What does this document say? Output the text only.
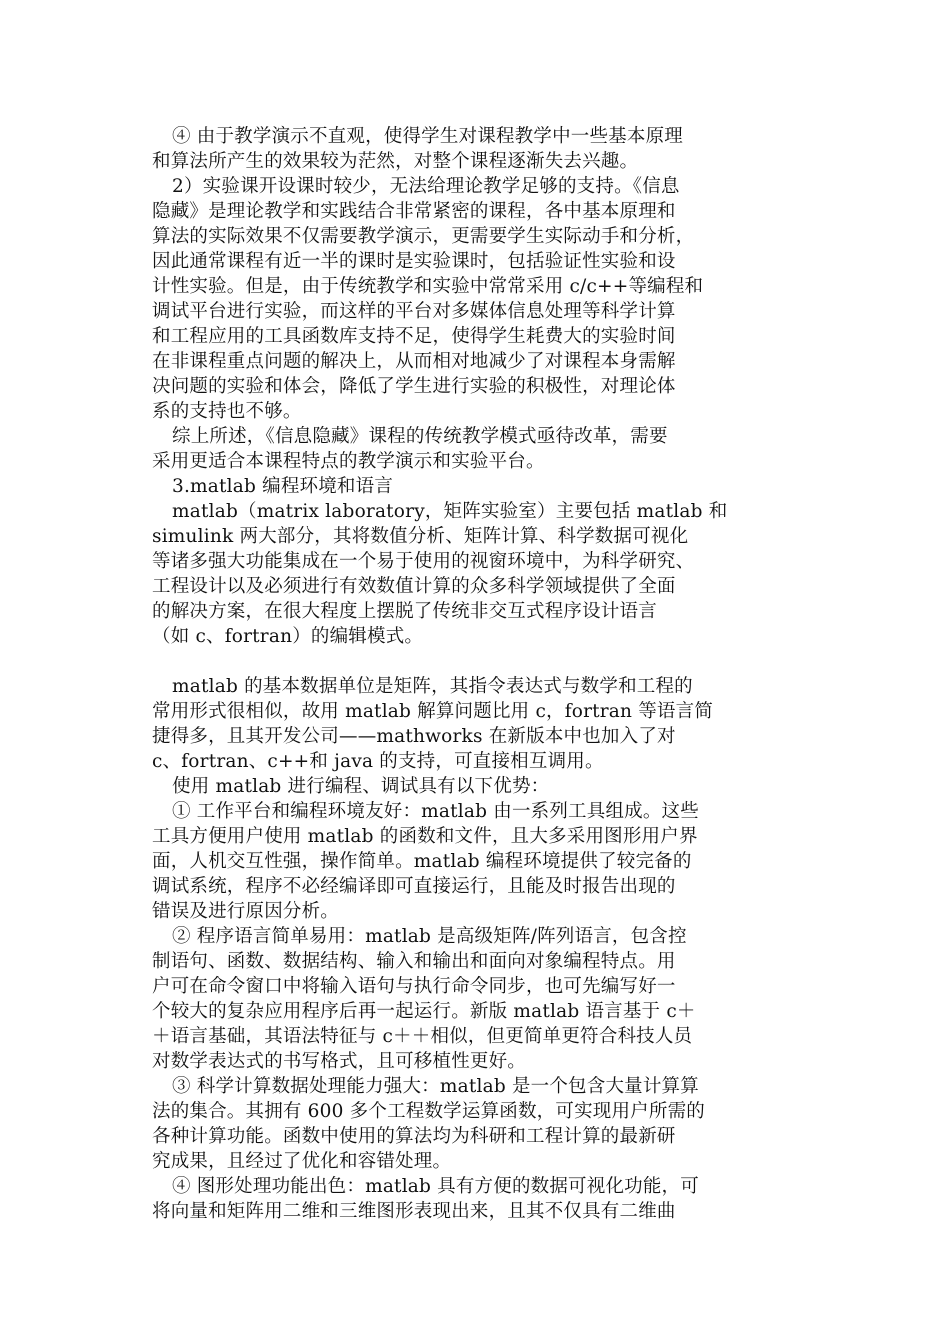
④ 由于教学演示不直观，使得学生对课程教学中一些基本原理
和算法所产生的效果较为茫然，对整个课程逐渐失去兴趣。
2）实验课开设课时较少，无法给理论教学足够的支持。《信息
隐藏》是理论教学和实践结合非常紧密的课程，各中基本原理和
算法的实际效果不仅需要教学演示，更需要学生实际动手和分析，
因此通常课程有近一半的课时是实验课时，包括验证性实验和设
计性实验。但是，由于传统教学和实验中常常采用 c/c++等编程和
调试平台进行实验，而这样的平台对多媒体信息处理等科学计算
和工程应用的工具函数库支持不足，使得学生耗费大的实验时间
在非课程重点问题的解决上，从而相对地减少了对课程本身需解
决问题的实验和体会，降低了学生进行实验的积极性，对理论体
系的支持也不够。
综上所述，《信息隐藏》课程的传统教学模式亟待改革，需要
采用更适合本课程特点的教学演示和实验平台。
3.matlab 编程环境和语言
matlab（matrix laboratory，矩阵实验室）主要包括 matlab 和
simulink 两大部分，其将数值分析、矩阵计算、科学数据可视化
等诸多强大功能集成在一个易于使用的视窗环境中，为科学研究、
工程设计以及必须进行有效数值计算的众多科学领域提供了全面
的解决方案，在很大程度上摆脱了传统非交互式程序设计语言
（如 c、fortran）的编辑模式。
matlab 的基本数据单位是矩阵，其指令表达式与数学和工程的
常用形式很相似，故用 matlab 解算问题比用 c，fortran 等语言简
捷得多，且其开发公司——mathworks 在新版本中也加入了对
c、fortran、c++和 java 的支持，可直接相互调用。
使用 matlab 进行编程、调试具有以下优势：
① 工作平台和编程环境友好：matlab 由一系列工具组成。这些
工具方便用户使用 matlab 的函数和文件，且大多采用图形用户界
面，人机交互性强，操作简单。matlab 编程环境提供了较完备的
调试系统，程序不必经编译即可直接运行，且能及时报告出现的
错误及进行原因分析。
② 程序语言简单易用：matlab 是高级矩阵/阵列语言，包含控
制语句、函数、数据结构、输入和输出和面向对象编程特点。用
户可在命令窗口中将输入语句与执行命令同步，也可先编写好一
个较大的复杂应用程序后再一起运行。新版 matlab 语言基于 c＋
＋语言基础，其语法特征与 c＋＋相似，但更简单更符合科技人员
对数学表达式的书写格式，且可移植性更好。
③ 科学计算数据处理能力强大：matlab 是一个包含大量计算算
法的集合。其拥有 600 多个工程数学运算函数，可实现用户所需的
各种计算功能。函数中使用的算法均为科研和工程计算的最新研
究成果，且经过了优化和容错处理。
④ 图形处理功能出色：matlab 具有方便的数据可视化功能，可
将向量和矩阵用二维和三维图形表现出来，且其不仅具有二维曲
